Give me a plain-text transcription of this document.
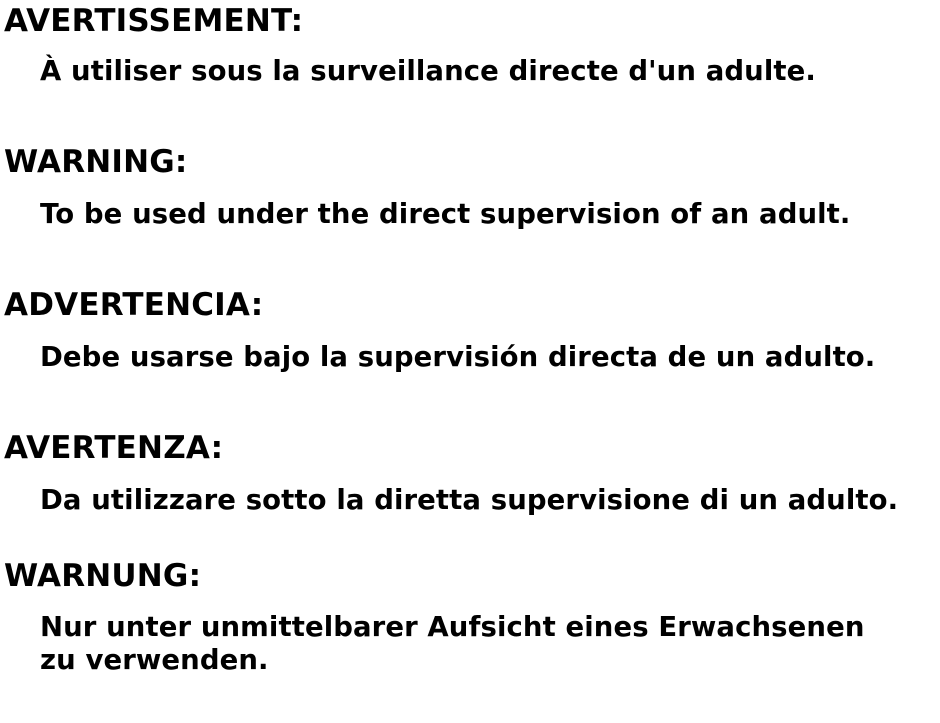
AVERTISSEMENT:
À utiliser sous la surveillance directe d'un adulte.
WARNING:
To be used under the direct supervision of an adult.
ADVERTENCIA:
Debe usarse bajo la supervisión directa de un adulto.
AVERTENZA:
Da utilizzare sotto la diretta supervisione di un adulto.
WARNUNG:
Nur unter unmittelbarer Aufsicht eines Erwachsenen
zu verwenden.
